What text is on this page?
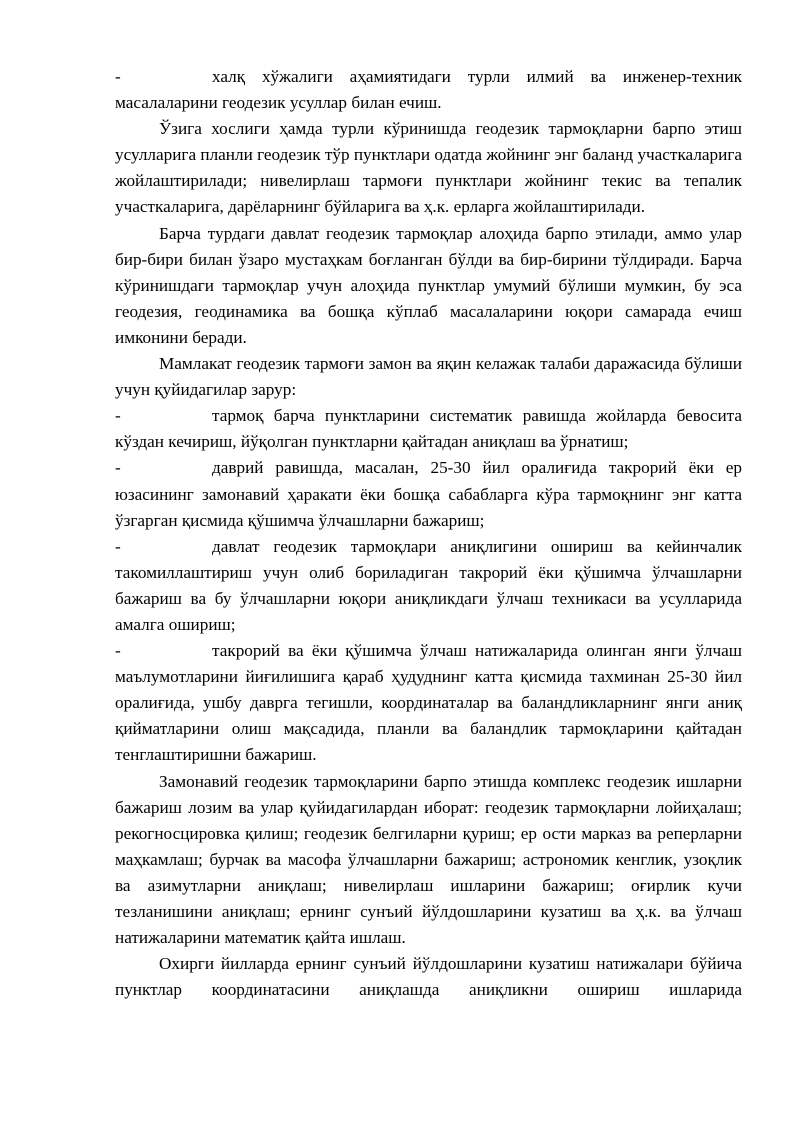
-	халқ хўжалиги аҳамиятидаги турли илмий ва инженер-техник масалаларини геодезик усуллар билан ечиш.

Ўзига хослиги ҳамда турли кўринишда геодезик тармоқларни барпо этиш усулларига планли геодезик тўр пунктлари одатда жойнинг энг баланд участкаларига жойлаштирилади; нивелирлаш тармоғи пунктлари жойнинг текис ва тепалик участкаларига, дарёларнинг бўйларига ва ҳ.к. ерларга жойлаштирилади.

Барча турдаги давлат геодезик тармоқлар алоҳида барпо этилади, аммо улар бир-бири билан ўзаро мустаҳкам боғланган бўлди ва бир-бирини тўлдиради. Барча кўринишдаги тармоқлар учун алоҳида пунктлар умумий бўлиши мумкин, бу эса геодезия, геодинамика ва бошқа кўплаб масалаларини юқори самарада ечиш имконини беради.

Мамлакат геодезик тармоғи замон ва яқин келажак талаби даражасида бўлиши учун қуйидагилар зарур:

-	тармоқ барча пунктларини систематик равишда жойларда бевосита кўздан кечириш, йўқолган пунктларни қайтадан аниқлаш ва ўрнатиш;

-	даврий равишда, масалан, 25-30 йил оралиғида такрорий ёки ер юзасининг замонавий ҳаракати ёки бошқа сабабларга кўра тармоқнинг энг катта ўзгарган қисмида қўшимча ўлчашларни бажариш;

-	давлат геодезик тармоқлари аниқлигини ошириш ва кейинчалик такомиллаштириш учун олиб бориладиган такрорий ёки қўшимча ўлчашларни бажариш ва бу ўлчашларни юқори аниқликдаги ўлчаш техникаси ва усулларида амалга ошириш;

-	такрорий ва ёки қўшимча ўлчаш натижаларида олинган янги ўлчаш маълумотларини йиғилишига қараб ҳудуднинг катта қисмида тахминан 25-30 йил оралиғида, ушбу даврга тегишли, координаталар ва баландликларнинг янги аниқ қийматларини олиш мақсадида, планли ва баландлик тармоқларини қайтадан тенглаштиришни бажариш.

Замонавий геодезик тармоқларини барпо этишда комплекс геодезик ишларни бажариш лозим ва улар қуйидагилардан иборат: геодезик тармоқларни лойиҳалаш; рекогносцировка қилиш; геодезик белгиларни қуриш; ер ости марказ ва реперларни маҳкамлаш; бурчак ва масофа ўлчашларни бажариш; астрономик кенглик, узоқлик ва азимутларни аниқлаш; нивелирлаш ишларини бажариш; оғирлик кучи тезланишини аниқлаш; ернинг сунъий йўлдошларини кузатиш ва ҳ.к. ва ўлчаш натижаларини математик қайта ишлаш.

Охирги йилларда ернинг сунъий йўлдошларини кузатиш натижалари бўйича пунктлар координатасини аниқлашда аниқликни ошириш ишларида
